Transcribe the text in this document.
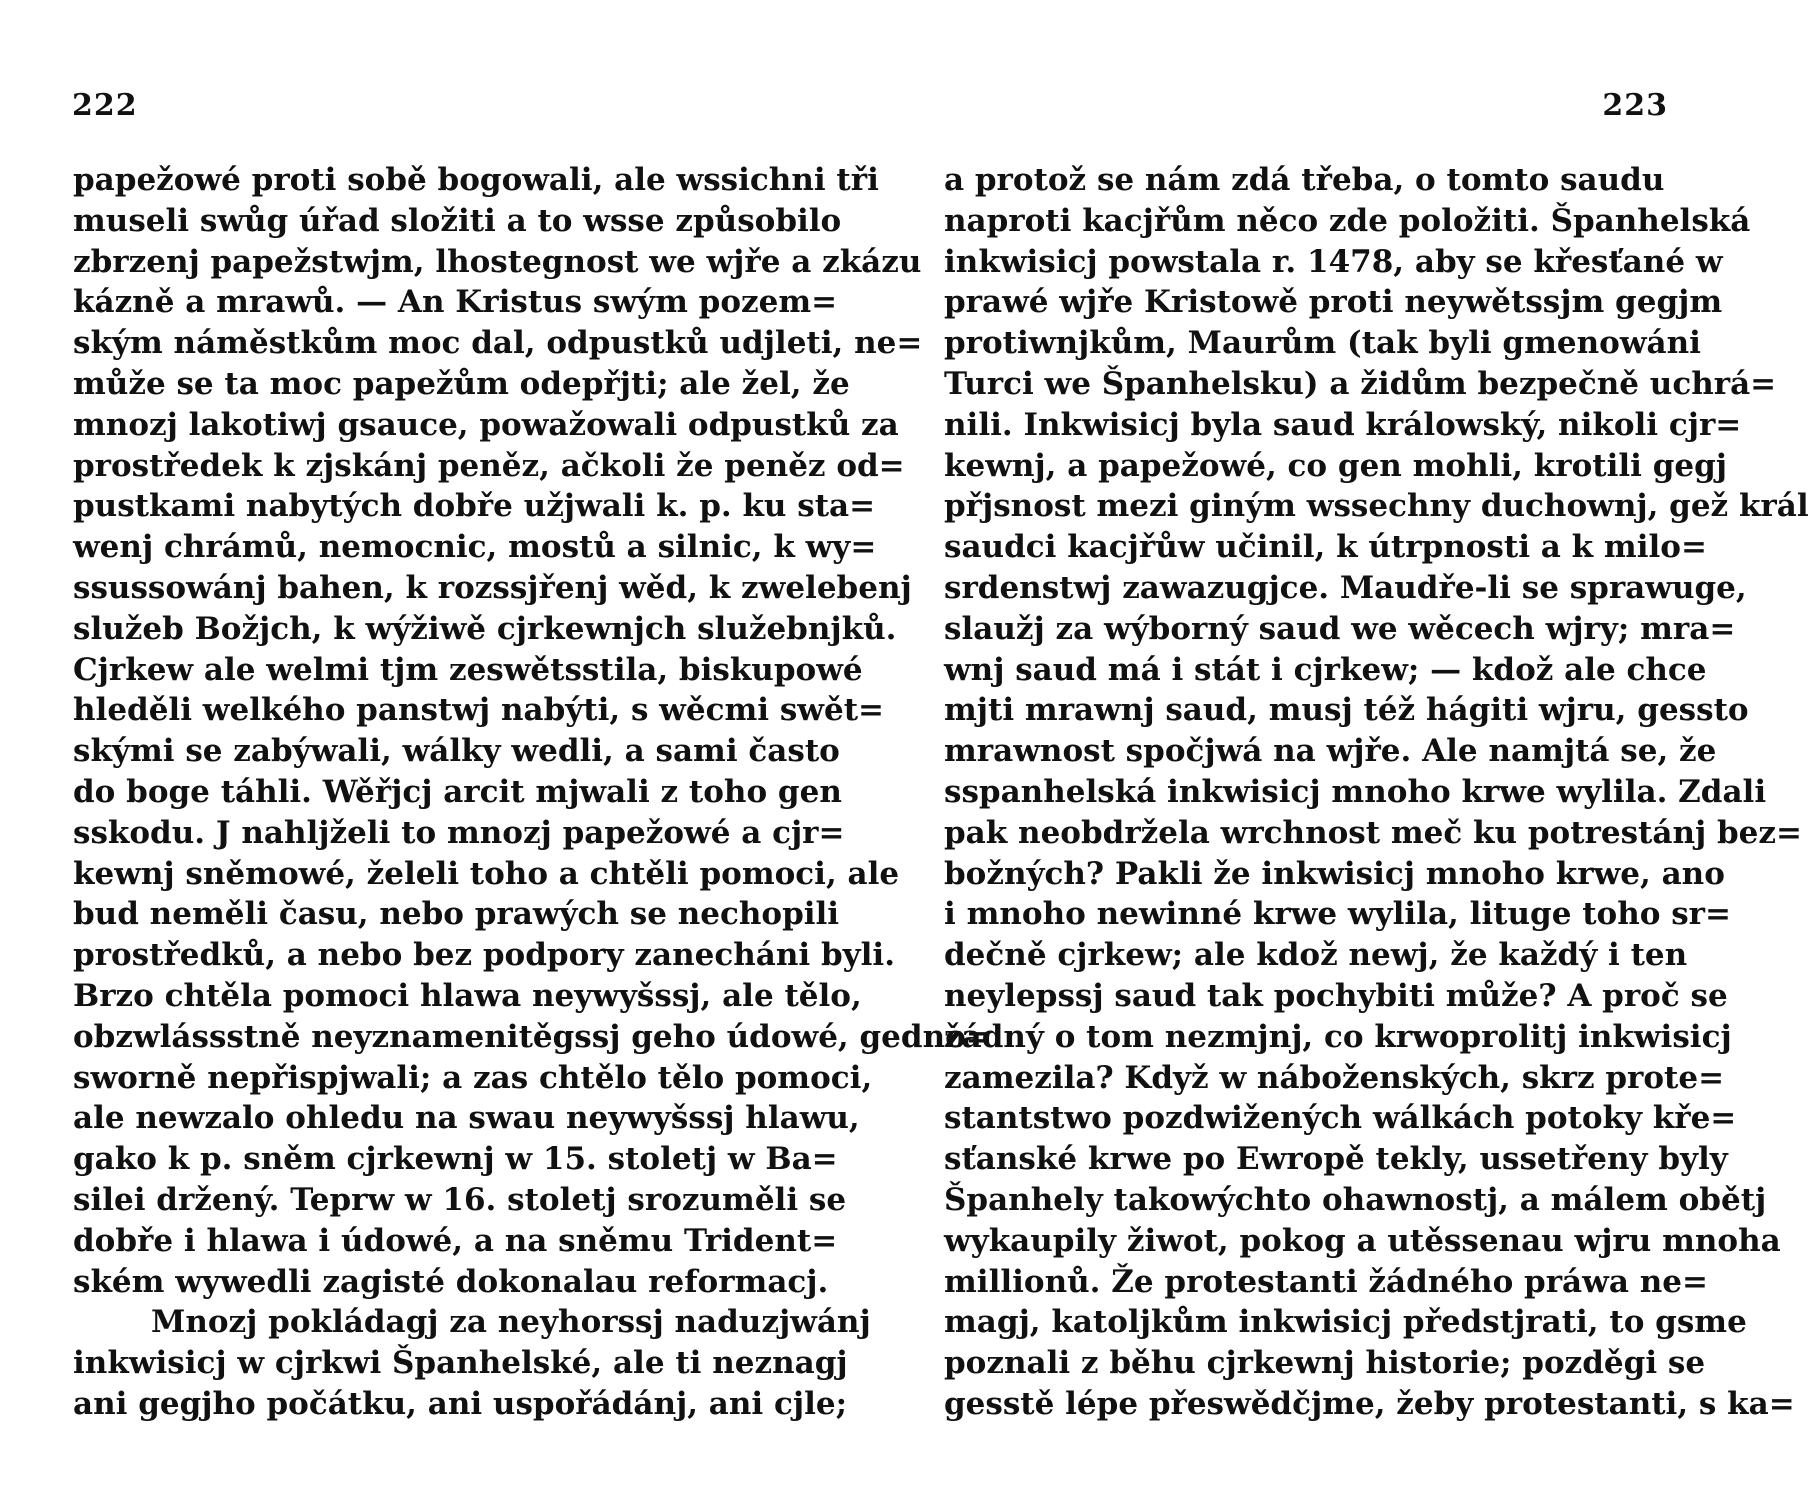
222
papežowé proti sobě bogowali, ale wssichni tři
museli swůg úřad složiti a to wsse způsobilo
zbrzenj papežstwjm, lhostegnost we wjře a zkázu
kázně a mrawů. — An Kristus swým pozem=
ským náměstkům moc dal, odpustků udjleti, ne=
může se ta moc papežům odepřjti; ale žel, že
mnozj lakotiwj gsauce, powažowali odpustků za
prostředek k zjskánj peněz, ačkoli že peněz od=
pustkami nabytých dobře užjwali k. p. ku sta=
wenj chrámů, nemocnic, mostů a silnic, k wy=
ssussowánj bahen, k rozssjřenj wěd, k zwelebenj
služeb Božjch, k wýžiwě cjrkewnjch služebnjků.
Cjrkew ale welmi tjm zeswětsstila, biskupowé
hleděli welkého panstwj nabýti, s wěcmi swět=
skými se zabýwali, wálky wedli, a sami často
do boge táhli. Wěřjcj arcit mjwali z toho gen
sskodu. J nahljželi to mnozj papežowé a cjr=
kewnj sněmowé, želeli toho a chtěli pomoci, ale
bud neměli času, nebo prawých se nechopili
prostředků, a nebo bez podpory zanecháni byli.
Brzo chtěla pomoci hlawa neywyšssj, ale tělo,
obzwlássstně neyznamenitěgssj geho údowé, gedno=
sworně nepřispjwali; a zas chtělo tělo pomoci,
ale newzalo ohledu na swau neywyšssj hlawu,
gako k p. sněm cjrkewnj w 15. stoletj w Ba=
silei držený. Teprw w 16. stoletj srozuměli se
dobře i hlawa i údowé, a na sněmu Trident=
ském wywedli zagisté dokonalau reformacj.
Mnozj pokládagj za neyhorssj naduzjwánj
inkwisicj w cjrkwi Španhelské, ale ti neznagj
ani gegjho počátku, ani uspořádánj, ani cjle;
223
a protož se nám zdá třeba, o tomto saudu
naproti kacjřům něco zde položiti. Španhelská
inkwisicj powstala r. 1478, aby se křesťané w
prawé wjře Kristowě proti neywětssjm gegjm
protiwnjkům, Maurům (tak byli gmenowáni
Turci we Španhelsku) a židům bezpečně uchrá=
nili. Inkwisicj byla saud králowský, nikoli cjr=
kewnj, a papežowé, co gen mohli, krotili gegj
přjsnost mezi giným wssechny duchownj, gež král
saudci kacjřůw učinil, k útrpnosti a k milo=
srdenstwj zawazugjce. Maudře-li se sprawuge,
slaužj za wýborný saud we wěcech wjry; mra=
wnj saud má i stát i cjrkew; — kdož ale chce
mjti mrawnj saud, musj též hágiti wjru, gessto
mrawnost spočjwá na wjře. Ale namjtá se, že
sspanhelská inkwisicj mnoho krwe wylila. Zdali
pak neobdržela wrchnost meč ku potrestánj bez=
božných? Pakli že inkwisicj mnoho krwe, ano
i mnoho newinné krwe wylila, lituge toho sr=
dečně cjrkew; ale kdož newj, že každý i ten
neylepssj saud tak pochybiti může? A proč se
žádný o tom nezmjnj, co krwoprolitj inkwisicj
zamezila? Když w náboženských, skrz prote=
stantstwo pozdwižených wálkách potoky kře=
sťanské krwe po Ewropě tekly, ussetřeny byly
Španhely takowýchto ohawnostj, a málem obětj
wykaupily žiwot, pokog a utěssenau wjru mnoha
millionů. Že protestanti žádného práwa ne=
magj, katoljkům inkwisicj předstjrati, to gsme
poznali z běhu cjrkewnj historie; pozděgi se
gesstě lépe přeswědčjme, žeby protestanti, s ka=
